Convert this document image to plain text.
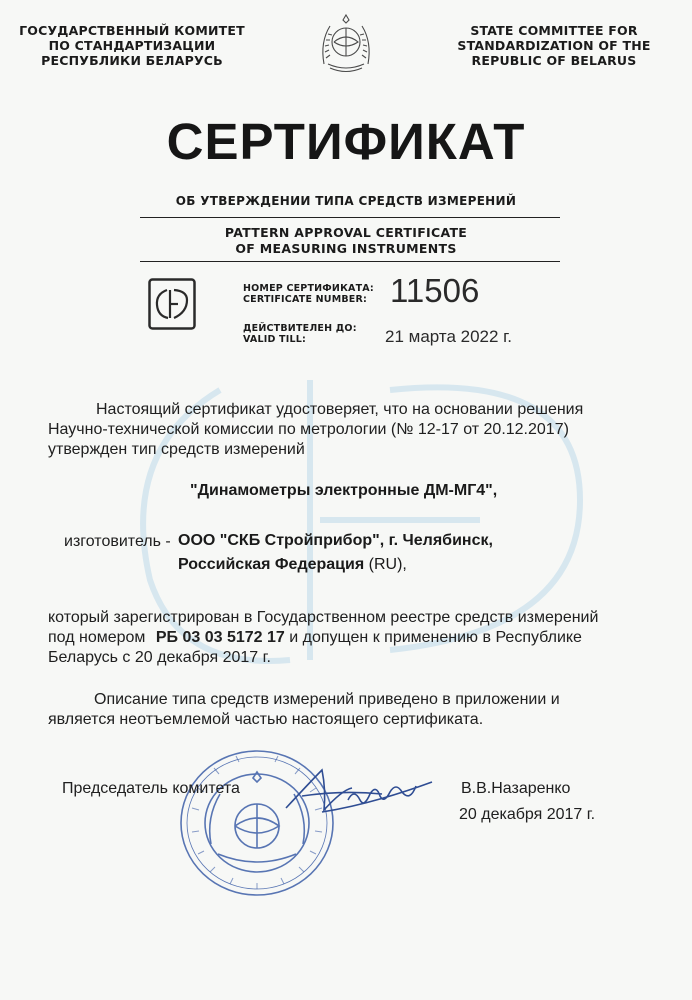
ГОСУДАРСТВЕННЫЙ КОМИТЕТ
ПО СТАНДАРТИЗАЦИИ
РЕСПУБЛИКИ БЕЛАРУСЬ
STATE COMMITTEE FOR
STANDARDIZATION OF THE
REPUBLIC OF BELARUS
СЕРТИФИКАТ
ОБ УТВЕРЖДЕНИИ ТИПА СРЕДСТВ ИЗМЕРЕНИЙ
PATTERN APPROVAL CERTIFICATE
OF MEASURING INSTRUMENTS
НОМЕР СЕРТИФИКАТА:
CERTIFICATE NUMBER: 11506
ДЕЙСТВИТЕЛЕН ДО:
VALID TILL:	21 марта 2022 г.
Настоящий сертификат удостоверяет, что на основании решения
Научно-технической комиссии по метрологии (№ 12-17 от 20.12.2017)
утвержден тип средств измерений
"Динамометры электронные ДМ-МГ4",
изготовитель - ООО "СКБ Стройприбор", г. Челябинск,
Российская Федерация (RU),
который зарегистрирован в Государственном реестре средств измерений
под номером РБ 03 03 5172 17 и допущен к применению в Республике
Беларусь с 20 декабря 2017 г.
Описание типа средств измерений приведено в приложении и
является неотъемлемой частью настоящего сертификата.
Председатель комитета	В.В.Назаренко
20 декабря 2017 г.
